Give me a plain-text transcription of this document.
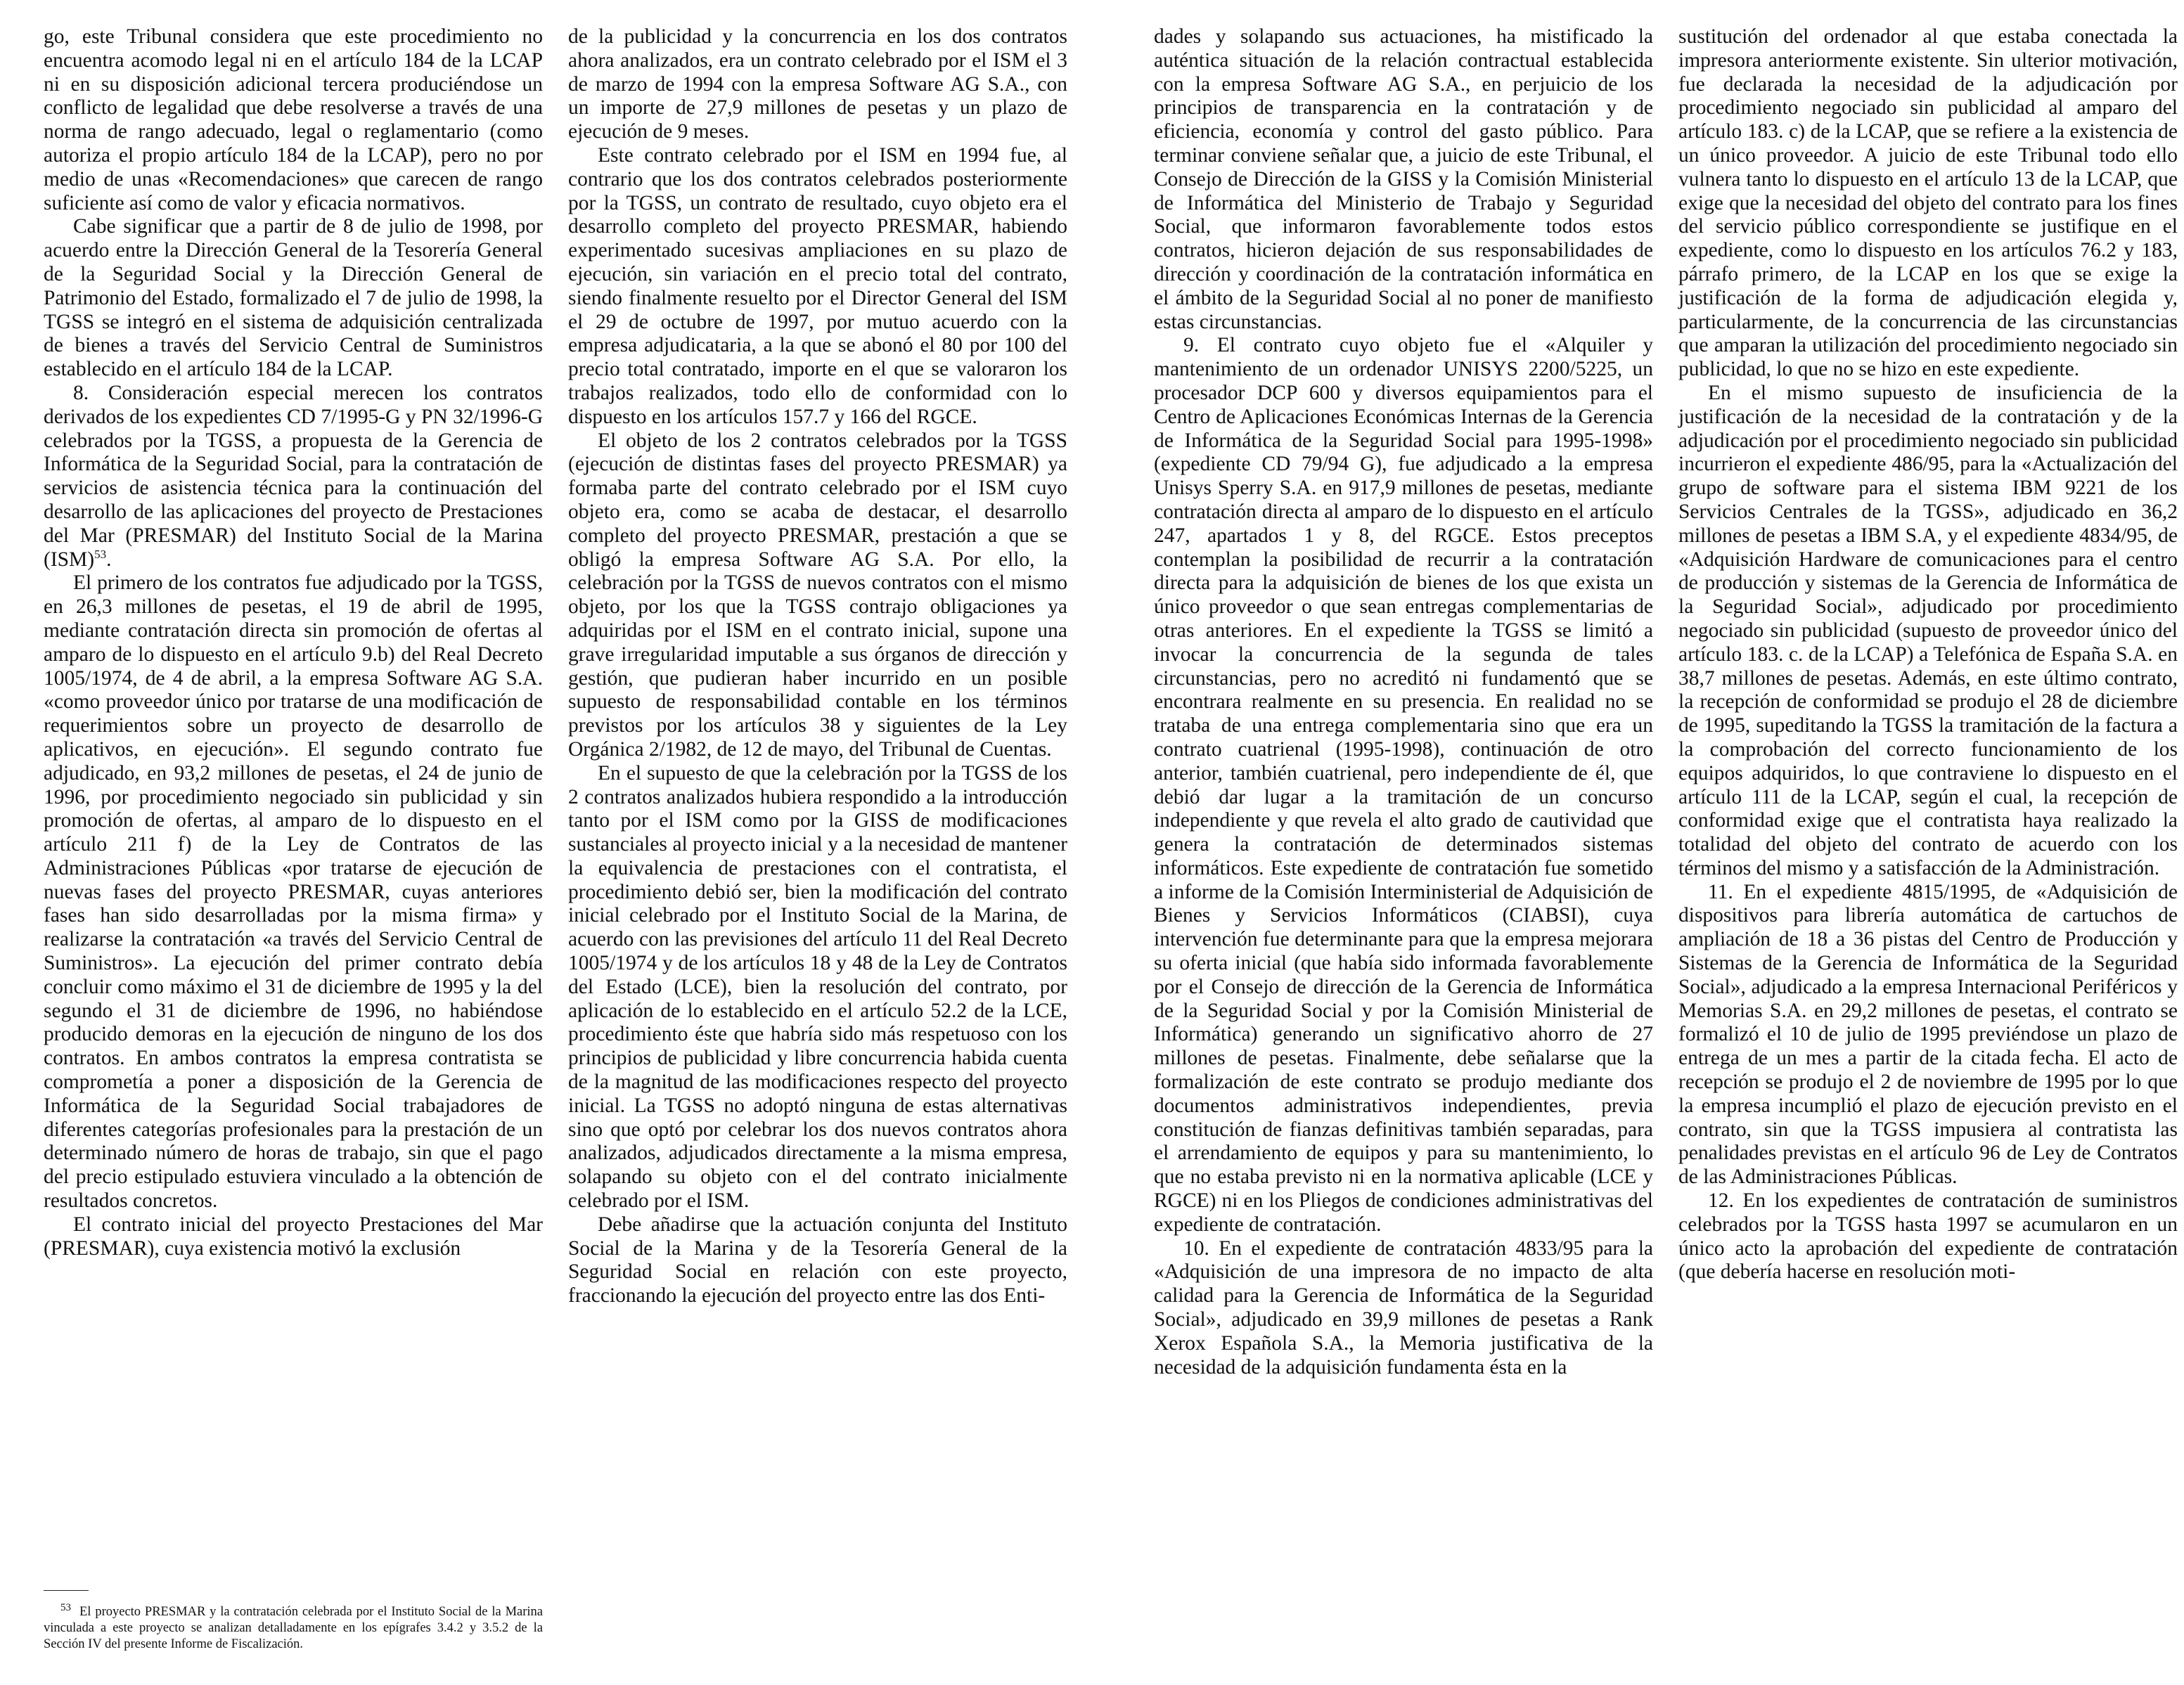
go, este Tribunal considera que este procedimiento no encuentra acomodo legal ni en el artículo 184 de la LCAP ni en su disposición adicional tercera produciéndose un conflicto de legalidad que debe resolverse a través de una norma de rango adecuado, legal o reglamentario (como autoriza el propio artículo 184 de la LCAP), pero no por medio de unas «Recomendaciones» que carecen de rango suficiente así como de valor y eficacia normativos.

Cabe significar que a partir de 8 de julio de 1998, por acuerdo entre la Dirección General de la Tesorería General de la Seguridad Social y la Dirección General de Patrimonio del Estado, formalizado el 7 de julio de 1998, la TGSS se integró en el sistema de adquisición centralizada de bienes a través del Servicio Central de Suministros establecido en el artículo 184 de la LCAP.

8. Consideración especial merecen los contratos derivados de los expedientes CD 7/1995-G y PN 32/1996-G celebrados por la TGSS, a propuesta de la Gerencia de Informática de la Seguridad Social, para la contratación de servicios de asistencia técnica para la continuación del desarrollo de las aplicaciones del proyecto de Prestaciones del Mar (PRESMAR) del Instituto Social de la Marina (ISM)$^{53}$.

El primero de los contratos fue adjudicado por la TGSS, en 26,3 millones de pesetas, el 19 de abril de 1995, mediante contratación directa sin promoción de ofertas al amparo de lo dispuesto en el artículo 9.b) del Real Decreto 1005/1974, de 4 de abril, a la empresa Software AG S.A. «como proveedor único por tratarse de una modificación de requerimientos sobre un proyecto de desarrollo de aplicativos, en ejecución». El segundo contrato fue adjudicado, en 93,2 millones de pesetas, el 24 de junio de 1996, por procedimiento negociado sin publicidad y sin promoción de ofertas, al amparo de lo dispuesto en el artículo 211 f) de la Ley de Contratos de las Administraciones Públicas «por tratarse de ejecución de nuevas fases del proyecto PRESMAR, cuyas anteriores fases han sido desarrolladas por la misma firma» y realizarse la contratación «a través del Servicio Central de Suministros». La ejecución del primer contrato debía concluir como máximo el 31 de diciembre de 1995 y la del segundo el 31 de diciembre de 1996, no habiéndose producido demoras en la ejecución de ninguno de los dos contratos. En ambos contratos la empresa contratista se comprometía a poner a disposición de la Gerencia de Informática de la Seguridad Social trabajadores de diferentes categorías profesionales para la prestación de un determinado número de horas de trabajo, sin que el pago del precio estipulado estuviera vinculado a la obtención de resultados concretos.

El contrato inicial del proyecto Prestaciones del Mar (PRESMAR), cuya existencia motivó la exclusión

53 El proyecto PRESMAR y la contratación celebrada por el Instituto Social de la Marina vinculada a este proyecto se analizan detalladamente en los epígrafes 3.4.2 y 3.5.2 de la Sección IV del presente Informe de Fiscalización.

de la publicidad y la concurrencia en los dos contratos ahora analizados, era un contrato celebrado por el ISM el 3 de marzo de 1994 con la empresa Software AG S.A., con un importe de 27,9 millones de pesetas y un plazo de ejecución de 9 meses.

Este contrato celebrado por el ISM en 1994 fue, al contrario que los dos contratos celebrados posteriormente por la TGSS, un contrato de resultado, cuyo objeto era el desarrollo completo del proyecto PRESMAR, habiendo experimentado sucesivas ampliaciones en su plazo de ejecución, sin variación en el precio total del contrato, siendo finalmente resuelto por el Director General del ISM el 29 de octubre de 1997, por mutuo acuerdo con la empresa adjudicataria, a la que se abonó el 80 por 100 del precio total contratado, importe en el que se valoraron los trabajos realizados, todo ello de conformidad con lo dispuesto en los artículos 157.7 y 166 del RGCE.

El objeto de los 2 contratos celebrados por la TGSS (ejecución de distintas fases del proyecto PRESMAR) ya formaba parte del contrato celebrado por el ISM cuyo objeto era, como se acaba de destacar, el desarrollo completo del proyecto PRESMAR, prestación a que se obligó la empresa Software AG S.A. Por ello, la celebración por la TGSS de nuevos contratos con el mismo objeto, por los que la TGSS contrajo obligaciones ya adquiridas por el ISM en el contrato inicial, supone una grave irregularidad imputable a sus órganos de dirección y gestión, que pudieran haber incurrido en un posible supuesto de responsabilidad contable en los términos previstos por los artículos 38 y siguientes de la Ley Orgánica 2/1982, de 12 de mayo, del Tribunal de Cuentas.

En el supuesto de que la celebración por la TGSS de los 2 contratos analizados hubiera respondido a la introducción tanto por el ISM como por la GISS de modificaciones sustanciales al proyecto inicial y a la necesidad de mantener la equivalencia de prestaciones con el contratista, el procedimiento debió ser, bien la modificación del contrato inicial celebrado por el Instituto Social de la Marina, de acuerdo con las previsiones del artículo 11 del Real Decreto 1005/1974 y de los artículos 18 y 48 de la Ley de Contratos del Estado (LCE), bien la resolución del contrato, por aplicación de lo establecido en el artículo 52.2 de la LCE, procedimiento éste que habría sido más respetuoso con los principios de publicidad y libre concurrencia habida cuenta de la magnitud de las modificaciones respecto del proyecto inicial. La TGSS no adoptó ninguna de estas alternativas sino que optó por celebrar los dos nuevos contratos ahora analizados, adjudicados directamente a la misma empresa, solapando su objeto con el del contrato inicialmente celebrado por el ISM.

Debe añadirse que la actuación conjunta del Instituto Social de la Marina y de la Tesorería General de la Seguridad Social en relación con este proyecto, fraccionando la ejecución del proyecto entre las dos Enti-

dades y solapando sus actuaciones, ha mistificado la auténtica situación de la relación contractual establecida con la empresa Software AG S.A., en perjuicio de los principios de transparencia en la contratación y de eficiencia, economía y control del gasto público. Para terminar conviene señalar que, a juicio de este Tribunal, el Consejo de Dirección de la GISS y la Comisión Ministerial de Informática del Ministerio de Trabajo y Seguridad Social, que informaron favorablemente todos estos contratos, hicieron dejación de sus responsabilidades de dirección y coordinación de la contratación informática en el ámbito de la Seguridad Social al no poner de manifiesto estas circunstancias.

9. El contrato cuyo objeto fue el «Alquiler y mantenimiento de un ordenador UNISYS 2200/5225, un procesador DCP 600 y diversos equipamientos para el Centro de Aplicaciones Económicas Internas de la Gerencia de Informática de la Seguridad Social para 1995-1998» (expediente CD 79/94 G), fue adjudicado a la empresa Unisys Sperry S.A. en 917,9 millones de pesetas, mediante contratación directa al amparo de lo dispuesto en el artículo 247, apartados 1 y 8, del RGCE. Estos preceptos contemplan la posibilidad de recurrir a la contratación directa para la adquisición de bienes de los que exista un único proveedor o que sean entregas complementarias de otras anteriores. En el expediente la TGSS se limitó a invocar la concurrencia de la segunda de tales circunstancias, pero no acreditó ni fundamentó que se encontrara realmente en su presencia. En realidad no se trataba de una entrega complementaria sino que era un contrato cuatrienal (1995-1998), continuación de otro anterior, también cuatrienal, pero independiente de él, que debió dar lugar a la tramitación de un concurso independiente y que revela el alto grado de cautividad que genera la contratación de determinados sistemas informáticos. Este expediente de contratación fue sometido a informe de la Comisión Interministerial de Adquisición de Bienes y Servicios Informáticos (CIABSI), cuya intervención fue determinante para que la empresa mejorara su oferta inicial (que había sido informada favorablemente por el Consejo de dirección de la Gerencia de Informática de la Seguridad Social y por la Comisión Ministerial de Informática) generando un significativo ahorro de 27 millones de pesetas. Finalmente, debe señalarse que la formalización de este contrato se produjo mediante dos documentos administrativos independientes, previa constitución de fianzas definitivas también separadas, para el arrendamiento de equipos y para su mantenimiento, lo que no estaba previsto ni en la normativa aplicable (LCE y RGCE) ni en los Pliegos de condiciones administrativas del expediente de contratación.

10. En el expediente de contratación 4833/95 para la «Adquisición de una impresora de no impacto de alta calidad para la Gerencia de Informática de la Seguridad Social», adjudicado en 39,9 millones de pesetas a Rank Xerox Española S.A., la Memoria justificativa de la necesidad de la adquisición fundamenta ésta en la

sustitución del ordenador al que estaba conectada la impresora anteriormente existente. Sin ulterior motivación, fue declarada la necesidad de la adjudicación por procedimiento negociado sin publicidad al amparo del artículo 183. c) de la LCAP, que se refiere a la existencia de un único proveedor. A juicio de este Tribunal todo ello vulnera tanto lo dispuesto en el artículo 13 de la LCAP, que exige que la necesidad del objeto del contrato para los fines del servicio público correspondiente se justifique en el expediente, como lo dispuesto en los artículos 76.2 y 183, párrafo primero, de la LCAP en los que se exige la justificación de la forma de adjudicación elegida y, particularmente, de la concurrencia de las circunstancias que amparan la utilización del procedimiento negociado sin publicidad, lo que no se hizo en este expediente.

En el mismo supuesto de insuficiencia de la justificación de la necesidad de la contratación y de la adjudicación por el procedimiento negociado sin publicidad incurrieron el expediente 486/95, para la «Actualización del grupo de software para el sistema IBM 9221 de los Servicios Centrales de la TGSS», adjudicado en 36,2 millones de pesetas a IBM S.A, y el expediente 4834/95, de «Adquisición Hardware de comunicaciones para el centro de producción y sistemas de la Gerencia de Informática de la Seguridad Social», adjudicado por procedimiento negociado sin publicidad (supuesto de proveedor único del artículo 183. c. de la LCAP) a Telefónica de España S.A. en 38,7 millones de pesetas. Además, en este último contrato, la recepción de conformidad se produjo el 28 de diciembre de 1995, supeditando la TGSS la tramitación de la factura a la comprobación del correcto funcionamiento de los equipos adquiridos, lo que contraviene lo dispuesto en el artículo 111 de la LCAP, según el cual, la recepción de conformidad exige que el contratista haya realizado la totalidad del objeto del contrato de acuerdo con los términos del mismo y a satisfacción de la Administración.

11. En el expediente 4815/1995, de «Adquisición de dispositivos para librería automática de cartuchos de ampliación de 18 a 36 pistas del Centro de Producción y Sistemas de la Gerencia de Informática de la Seguridad Social», adjudicado a la empresa Internacional Periféricos y Memorias S.A. en 29,2 millones de pesetas, el contrato se formalizó el 10 de julio de 1995 previéndose un plazo de entrega de un mes a partir de la citada fecha. El acto de recepción se produjo el 2 de noviembre de 1995 por lo que la empresa incumplió el plazo de ejecución previsto en el contrato, sin que la TGSS impusiera al contratista las penalidades previstas en el artículo 96 de Ley de Contratos de las Administraciones Públicas.

12. En los expedientes de contratación de suministros celebrados por la TGSS hasta 1997 se acumularon en un único acto la aprobación del expediente de contratación (que debería hacerse en resolución moti-
